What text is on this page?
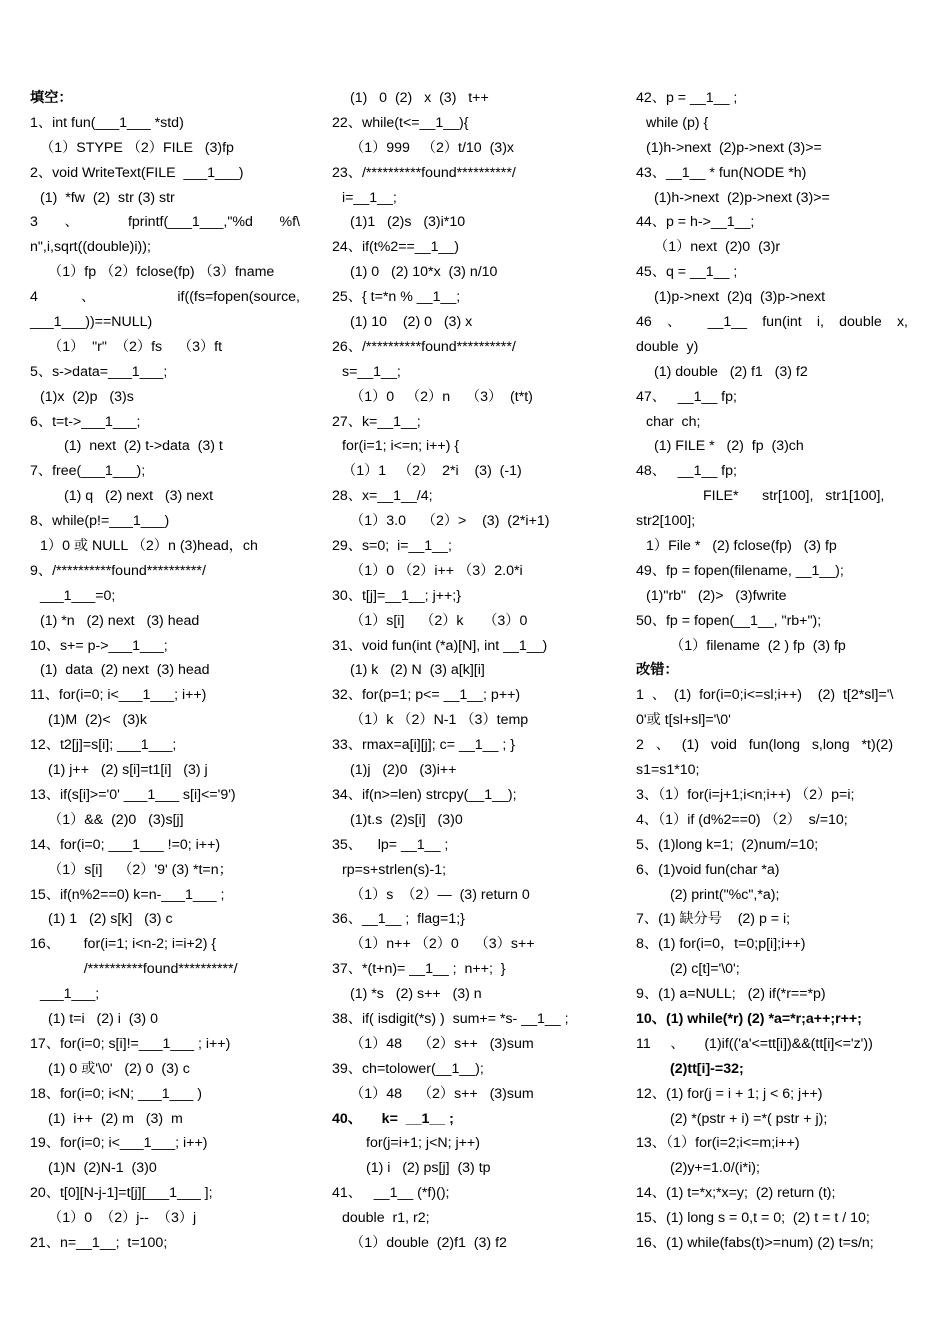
填空：
1、int fun(___1___ *std)
（1）STYPE （2）FILE   (3)fp
2、void WriteText(FILE  ___1___)
(1)  *fw  (2)  str (3) str
3 、 fprintf(___1___,"%d %f\
n",i,sqrt((double)i));
（1）fp （2）fclose(fp) （3）fname
4 、 if((fs=fopen(source,
___1___))==NULL)
（1）  "r"  （2）fs    （3）ft
5、s->data=___1___;
(1)x  (2)p   (3)s
6、t=t->___1___;
(1)  next  (2) t->data  (3) t
7、free(___1___);
(1) q   (2) next   (3) next
8、while(p!=___1___)
1）0 或 NULL （2）n (3)head，ch
9、/**********found**********/
___1___=0;
(1) *n   (2) next   (3) head
10、s+= p->___1___;
(1)  data  (2) next  (3) head
11、for(i=0; i<___1___; i++)
(1)M  (2)<   (3)k
12、t2[j]=s[i]; ___1___;
(1) j++   (2) s[i]=t1[i]   (3) j
13、if(s[i]>='0' ___1___ s[i]<='9')
（1）&&  (2)0   (3)s[j]
14、for(i=0; ___1___ !=0; i++)
（1）s[i]    （2）'9' (3) *t=n；
15、if(n%2==0) k=n-___1___ ;
(1) 1   (2) s[k]   (3) c
16、      for(i=1; i<n-2; i=i+2) {
/**********found**********/
___1___;
(1) t=i   (2) i  (3) 0
17、for(i=0; s[i]!=___1___ ; i++)
(1) 0 或'\0'   (2) 0  (3) c
18、for(i=0; i<N; ___1___ )
(1)  i++  (2) m   (3)  m
19、for(i=0; i<___1___; i++)
(1)N  (2)N-1  (3)0
20、t[0][N-j-1]=t[j][___1___ ];
（1）0  （2）j--  （3）j
21、n=__1__;  t=100;
(1)   0  (2)   x  (3)   t++
22、while(t<=__1__){
（1）999   （2）t/10  (3)x
23、/**********found**********/
i=__1__;
(1)1   (2)s   (3)i*10
24、if(t%2==__1__)
(1) 0   (2) 10*x  (3) n/10
25、{ t=*n % __1__;
(1) 10    (2) 0   (3) x
26、/**********found**********/
s=__1__;
（1）0   （2）n    （3）  (t*t)
27、k=__1__;
for(i=1; i<=n; i++) {
（1）1   （2）  2*i    (3)  (-1)
28、x=__1__/4;
（1）3.0    （2）>    (3)  (2*i+1)
29、s=0;  i=__1__;
（1）0 （2）i++ （3）2.0*i
30、t[j]=__1__; j++;}
（1）s[i]    （2）k     （3）0
31、void fun(int (*a)[N], int __1__)
(1) k   (2) N  (3) a[k][i]
32、for(p=1; p<= __1__; p++)
（1）k （2）N-1 （3）temp
33、rmax=a[i][j]; c= __1__ ; }
(1)j   (2)0   (3)i++
34、if(n>=len) strcpy(__1__);
(1)t.s  (2)s[i]   (3)0
35、    lp= __1__ ;
rp=s+strlen(s)-1;
（1）s  （2）—  (3) return 0
36、__1__ ;  flag=1;}
（1）n++ （2）0    （3）s++
37、*(t+n)= __1__ ;  n++;  }
(1) *s   (2) s++   (3) n
38、if( isdigit(*s) )  sum+= *s- __1__ ;
（1）48    （2）s++   (3)sum
39、ch=tolower(__1__);
（1）48    （2）s++   (3)sum
40、     k=  __1__ ;
for(j=i+1; j<N; j++)
(1) i   (2) ps[j]  (3) tp
41、   __1__ (*f)();
double  r1, r2;
（1）double  (2)f1  (3) f2
42、p = __1__ ;
while (p) {
(1)h->next  (2)p->next (3)>=
43、__1__ * fun(NODE *h)
(1)h->next  (2)p->next (3)>=
44、p = h->__1__;
（1）next  (2)0  (3)r
45、q = __1__ ;
(1)p->next  (2)q  (3)p->next
46 、 __1__ fun(int i, double x,
double  y)
(1) double   (2) f1   (3) f2
47、   __1__ fp;
char  ch;
(1) FILE *   (2)  fp  (3)ch
48、   __1__ fp;
FILE*      str[100],   str1[100],
str2[100];
1）File *   (2) fclose(fp)   (3) fp
49、fp = fopen(filename, __1__);
(1)"rb"   (2)>   (3)fwrite
50、fp = fopen(__1__, "rb+");
（1）filename  (2 ) fp  (3) fp
改错：
1  、  (1)  for(i=0;i<=sl;i++)    (2)  t[2*sl]='\
0'或 t[sl+sl]='\0'
2   、   (1)   void   fun(long   s,long   *t)(2)
s1=s1*10;
3、（1）for(i=j+1;i<n;i++) （2）p=i;
4、（1）if (d%2==0) （2）  s/=10;
5、(1)long k=1;  (2)num/=10;
6、(1)void fun(char *a)
(2) print("%c",*a);
7、(1) 缺分号    (2) p = i;
8、(1) for(i=0，t=0;p[i];i++)
(2) c[t]='\0';
9、(1) a=NULL;   (2) if(*r==*p)
10、(1) while(*r) (2) *a=*r;a++;r++;
11     、     (1)if(('a'<=tt[i])&&(tt[i]<='z'))
(2)tt[i]-=32;
12、(1) for(j = i + 1; j < 6; j++)
(2) *(pstr + i) =*( pstr + j);
13、（1）for(i=2;i<=m;i++)
(2)y+=1.0/(i*i);
14、(1) t=*x;*x=y;  (2) return (t);
15、(1) long s = 0,t = 0;  (2) t = t / 10;
16、(1) while(fabs(t)>=num) (2) t=s/n;
